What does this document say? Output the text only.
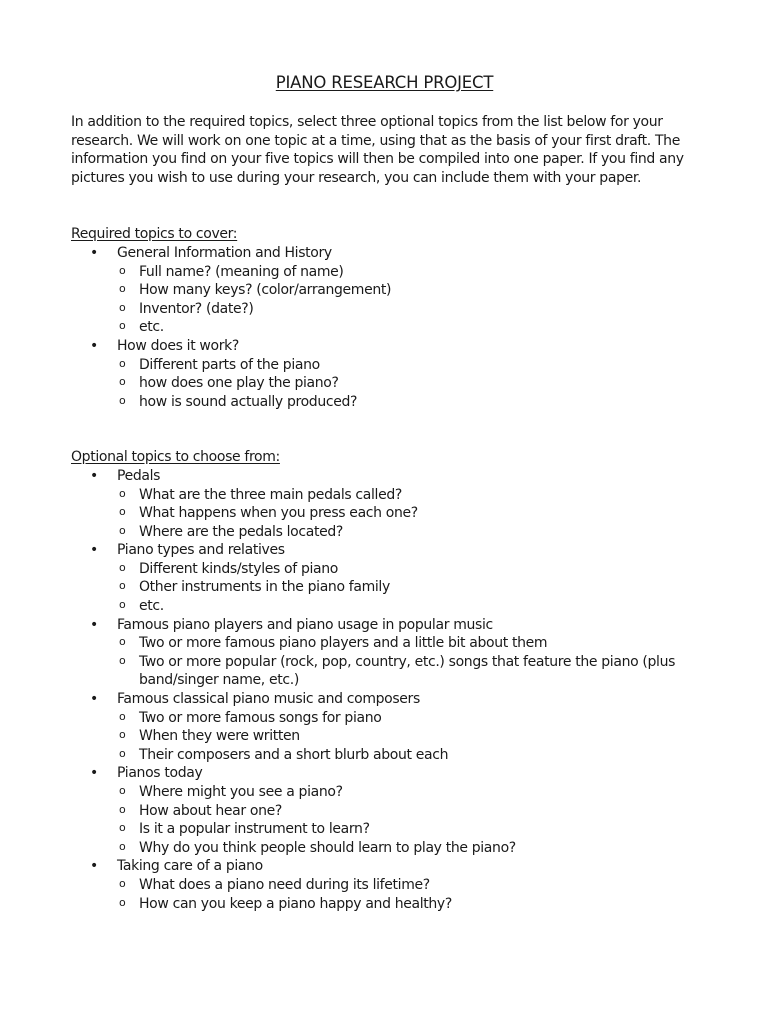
PIANO RESEARCH PROJECT

In addition to the required topics, select three optional topics from the list below for your research. We will work on one topic at a time, using that as the basis of your first draft. The information you find on your five topics will then be compiled into one paper. If you find any pictures you wish to use during your research, you can include them with your paper.

Required topics to cover:
• General Information and History
o Full name? (meaning of name)
o How many keys? (color/arrangement)
o Inventor? (date?)
o etc.
• How does it work?
o Different parts of the piano
o how does one play the piano?
o how is sound actually produced?
Optional topics to choose from:
• Pedals
o What are the three main pedals called?
o What happens when you press each one?
o Where are the pedals located?
• Piano types and relatives
o Different kinds/styles of piano
o Other instruments in the piano family
o etc.
• Famous piano players and piano usage in popular music
o Two or more famous piano players and a little bit about them
o Two or more popular (rock, pop, country, etc.) songs that feature the piano (plus band/singer name, etc.)
• Famous classical piano music and composers
o Two or more famous songs for piano
o When they were written
o Their composers and a short blurb about each
• Pianos today
o Where might you see a piano?
o How about hear one?
o Is it a popular instrument to learn?
o Why do you think people should learn to play the piano?
• Taking care of a piano
o What does a piano need during its lifetime?
o How can you keep a piano happy and healthy?
